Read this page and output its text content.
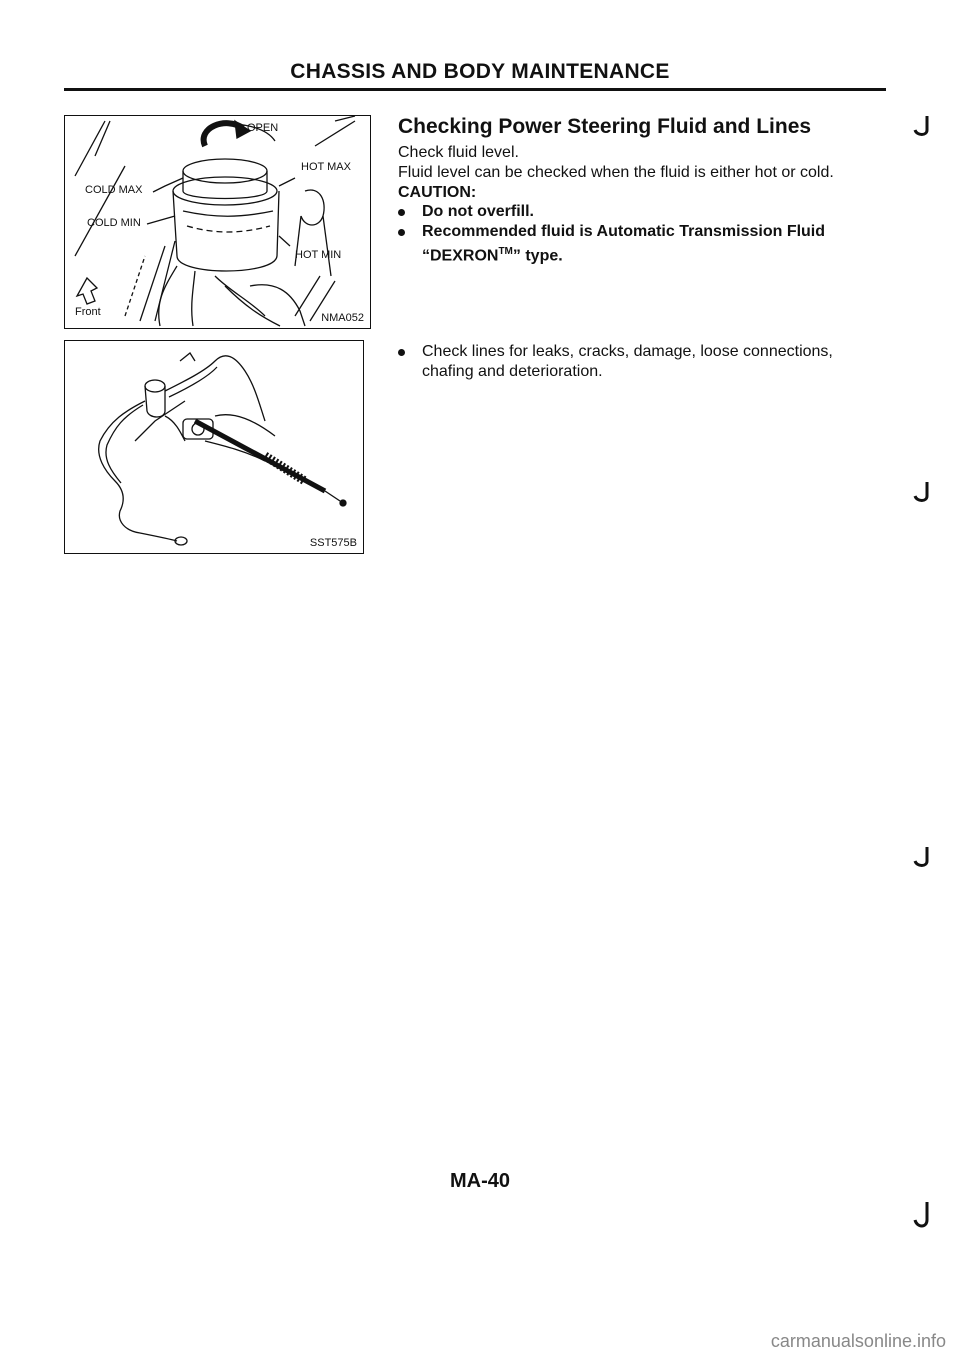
CHASSIS AND BODY MAINTENANCE
OPEN
HOT MAX
COLD MAX
COLD MIN
HOT MIN
Front	NMA052
SST575B
Checking Power Steering Fluid and Lines
Check fluid level.
Fluid level can be checked when the fluid is either hot or cold.
CAUTION:
Do not overfill.
Recommended fluid is Automatic Transmission Fluid
“DEXRON™” type.
Check lines for leaks, cracks, damage, loose connections,
chafing and deterioration.
MA-40
carmanualsonline.info
